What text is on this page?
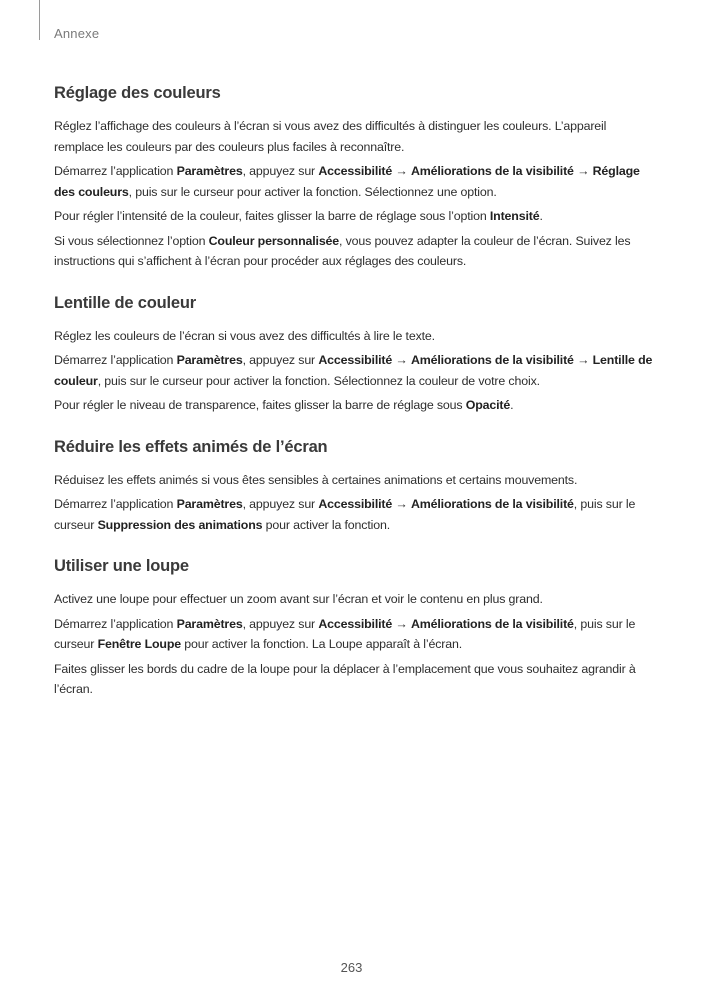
Annexe
Réglage des couleurs

Réglez l’affichage des couleurs à l’écran si vous avez des difficultés à distinguer les couleurs. L’appareil remplace les couleurs par des couleurs plus faciles à reconnaître.

Démarrez l’application Paramètres, appuyez sur Accessibilité → Améliorations de la visibilité → Réglage des couleurs, puis sur le curseur pour activer la fonction. Sélectionnez une option.

Pour régler l’intensité de la couleur, faites glisser la barre de réglage sous l’option Intensité.

Si vous sélectionnez l’option Couleur personnalisée, vous pouvez adapter la couleur de l’écran. Suivez les instructions qui s’affichent à l’écran pour procéder aux réglages des couleurs.

Lentille de couleur

Réglez les couleurs de l’écran si vous avez des difficultés à lire le texte.

Démarrez l’application Paramètres, appuyez sur Accessibilité → Améliorations de la visibilité → Lentille de couleur, puis sur le curseur pour activer la fonction. Sélectionnez la couleur de votre choix.

Pour régler le niveau de transparence, faites glisser la barre de réglage sous Opacité.

Réduire les effets animés de l’écran

Réduisez les effets animés si vous êtes sensibles à certaines animations et certains mouvements.

Démarrez l’application Paramètres, appuyez sur Accessibilité → Améliorations de la visibilité, puis sur le curseur Suppression des animations pour activer la fonction.

Utiliser une loupe

Activez une loupe pour effectuer un zoom avant sur l’écran et voir le contenu en plus grand.

Démarrez l’application Paramètres, appuyez sur Accessibilité → Améliorations de la visibilité, puis sur le curseur Fenêtre Loupe pour activer la fonction. La Loupe apparaît à l’écran.

Faites glisser les bords du cadre de la loupe pour la déplacer à l’emplacement que vous souhaitez agrandir à l’écran.

263
